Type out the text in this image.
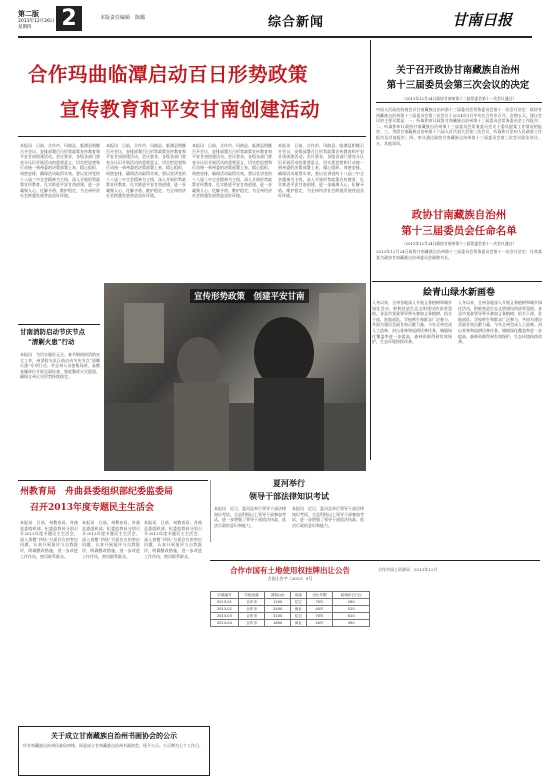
第二版
2013年12月26日
星期四 2	本版责任编辑　陈璐	综合新闻	甘南日报
合作玛曲临潭启动百日形势政策
宣传教育和平安甘南创建活动
本报讯　日前，合作市、玛曲县、临潭县相继召开会议，安排部署百日形势政策宣传教育和平安甘南创建活动。会议要求，各级各部门要充分认识开展活动的重要意义，切实把思想和行动统一到州委的决策部署上来，精心组织，周密安排，确保活动取得实效。要以宣讲党的十八届三中全会精神为主线，深入开展形势政策宣传教育，扎实推进平安甘南创建，进一步凝聚人心、化解矛盾、维护稳定，为全州经济社会跨越发展营造良好环境。
本报讯　日前，合作市、玛曲县、临潭县相继召开会议，安排部署百日形势政策宣传教育和平安甘南创建活动。会议要求，各级各部门要充分认识开展活动的重要意义，切实把思想和行动统一到州委的决策部署上来，精心组织，周密安排，确保活动取得实效。要以宣讲党的十八届三中全会精神为主线，深入开展形势政策宣传教育，扎实推进平安甘南创建，进一步凝聚人心、化解矛盾、维护稳定，为全州经济社会跨越发展营造良好环境。
本报讯　日前，合作市、玛曲县、临潭县相继召开会议，安排部署百日形势政策宣传教育和平安甘南创建活动。会议要求，各级各部门要充分认识开展活动的重要意义，切实把思想和行动统一到州委的决策部署上来，精心组织，周密安排，确保活动取得实效。要以宣讲党的十八届三中全会精神为主线，深入开展形势政策宣传教育，扎实推进平安甘南创建，进一步凝聚人心、化解矛盾、维护稳定，为全州经济社会跨越发展营造良好环境。
本报讯　日前，合作市、玛曲县、临潭县相继召开会议，安排部署百日形势政策宣传教育和平安甘南创建活动。会议要求，各级各部门要充分认识开展活动的重要意义，切实把思想和行动统一到州委的决策部署上来，精心组织，周密安排，确保活动取得实效。要以宣讲党的十八届三中全会精神为主线，深入开展形势政策宣传教育，扎实推进平安甘南创建，进一步凝聚人心、化解矛盾、维护稳定，为全州经济社会跨越发展营造良好环境。
宣传形势政策　创建平安甘南
关于召开政协甘南藏族自治州
第十三届委员会第三次会议的决定
（2013年12月24日政协甘南州第十三届常委会第十一次会议通过）
中国人民政治协商会议甘南藏族自治州第十三届委员会常务委员会第十一次会议决定：政协甘南藏族自治州第十三届委员会第三次会议于2014年1月中旬在合作市召开，会期五天。建议会议的主要议程是：一、听取和审议政协甘南藏族自治州第十三届委员会常务委员会工作报告；二、听取和审议政协甘南藏族自治州第十三届委员会常务委员会关于委员提案工作情况的报告；三、列席甘南藏族自治州第十六届人民代表大会第三次会议，听取和讨论州人民政府工作报告及其他报告；四、审议通过政协甘南藏族自治州第十三届委员会第三次会议政治决议；五、其他事项。
政协甘南藏族自治州
第十三届委员会任命名单
（2013年12月24日政协甘南州第十三届常委会第十一次会议通过）
2013年12月24日政协甘南藏族自治州第十三届委员会常务委员会第十一次会议决定：任命某某为政协甘南藏族自治州委员会副秘书长。
絵青山绿水新画卷
入冬以来，全州各地深入开展义务植树和城乡绿化活动，积极营造生态文明建设的浓厚氛围。各县市党政领导带头参加义务植树，机关干部、驻地部队、学校师生和群众广泛参与，共同为建设美丽甘南贡献力量。今年全州完成人工造林、封山育林和退耕还林任务，城镇绿化覆盖率进一步提高，森林资源得到有效保护，生态环境持续改善。
入冬以来，全州各地深入开展义务植树和城乡绿化活动，积极营造生态文明建设的浓厚氛围。各县市党政领导带头参加义务植树，机关干部、驻地部队、学校师生和群众广泛参与，共同为建设美丽甘南贡献力量。今年全州完成人工造林、封山育林和退耕还林任务，城镇绿化覆盖率进一步提高，森林资源得到有效保护，生态环境持续改善。
甘南消防启动节庆节点
“清剿火患”行动
本报讯　为切实做好元旦、春节期间的消防安全工作，州消防支队日前启动节庆节点“清剿火患”专项行动，对全州人员密集场所、易燃易爆单位开展全面检查，督促整改火灾隐患，确保全州火灾形势持续稳定。
州教育局　舟曲县委组织部纪委监委局
召开2013年度专题民主生活会
本报讯　日前，州教育局、舟曲县委组织部、纪委监察局分别召开2013年度专题民主生活会，深入查摆“四风”方面存在的突出问题，认真开展批评与自我批评，明确整改措施，进一步改进工作作风，密切联系群众。
本报讯　日前，州教育局、舟曲县委组织部、纪委监察局分别召开2013年度专题民主生活会，深入查摆“四风”方面存在的突出问题，认真开展批评与自我批评，明确整改措施，进一步改进工作作风，密切联系群众。
本报讯　日前，州教育局、舟曲县委组织部、纪委监察局分别召开2013年度专题民主生活会，深入查摆“四风”方面存在的突出问题，认真开展批评与自我批评，明确整改措施，进一步改进工作作风，密切联系群众。
夏河举行
领导干部法律知识考试
本报讯　近日，夏河县举行领导干部法律知识考试，全县科级以上领导干部参加考试，进一步增强了领导干部依法执政、依法行政的意识和能力。
本报讯　近日，夏河县举行领导干部法律知识考试，全县科级以上领导干部参加考试，进一步增强了领导干部依法执政、依法行政的意识和能力。
合作市国有土地使用权挂牌出让公告
合国土告字〔2013〕9号
宗地编号	宗地坐落	面积(㎡)	用途	出让年限	起始价(万元)
2013-01	合作市	1200	住宅	70年	260
2013-02	合作市	2400	商业	40年	520
2013-03	合作市	3100	住宅	70年	610
2013-04	合作市	1800	商业	40年	390
合作市国土资源局　2013年12月
关于成立甘南藏族自治州书画协会的公示
经甘南藏族自治州民政局审核，同意成立甘南藏族自治州书画协会，现予公示。公示期为七个工作日。
